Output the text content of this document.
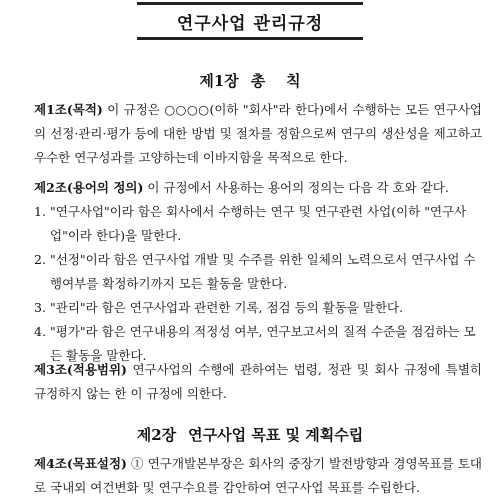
연구사업 관리규정
제1장 총    칙
제1조(목적) 이 규정은 ○○○○(이하 "회사"라 한다)에서 수행하는 모든 연구사업의 선정·관리·평가 등에 대한 방법 및 절차를 정함으로써 연구의 생산성을 제고하고 우수한 연구성과를 고양하는데 이바지함을 목적으로 한다.
제2조(용어의 정의) 이 규정에서 사용하는 용어의 정의는 다음 각 호와 같다.
1. "연구사업"이라 함은 회사에서 수행하는 연구 및 연구관련 사업(이하 "연구사업"이라 한다)을 말한다.
2. "선정"이라 함은 연구사업 개발 및 수주를 위한 일체의 노력으로서 연구사업 수행여부를 확정하기까지 모든 활동을 말한다.
3. "관리"라 함은 연구사업과 관련한 기록, 점검 등의 활동을 말한다.
4. "평가"라 함은 연구내용의 적정성 여부, 연구보고서의 질적 수준을 점검하는 모든 활동을 말한다.
제3조(적용범위) 연구사업의 수행에 관하여는 법령, 정관 및 회사 규정에 특별히 규정하지 않는 한 이 규정에 의한다.
제2장 연구사업 목표 및 계획수립
제4조(목표설정) ① 연구개발본부장은 회사의 중장기 발전방향과 경영목표를 토대로 국내외 여건변화 및 연구수요를 감안하여 연구사업 목표를 수립한다.
